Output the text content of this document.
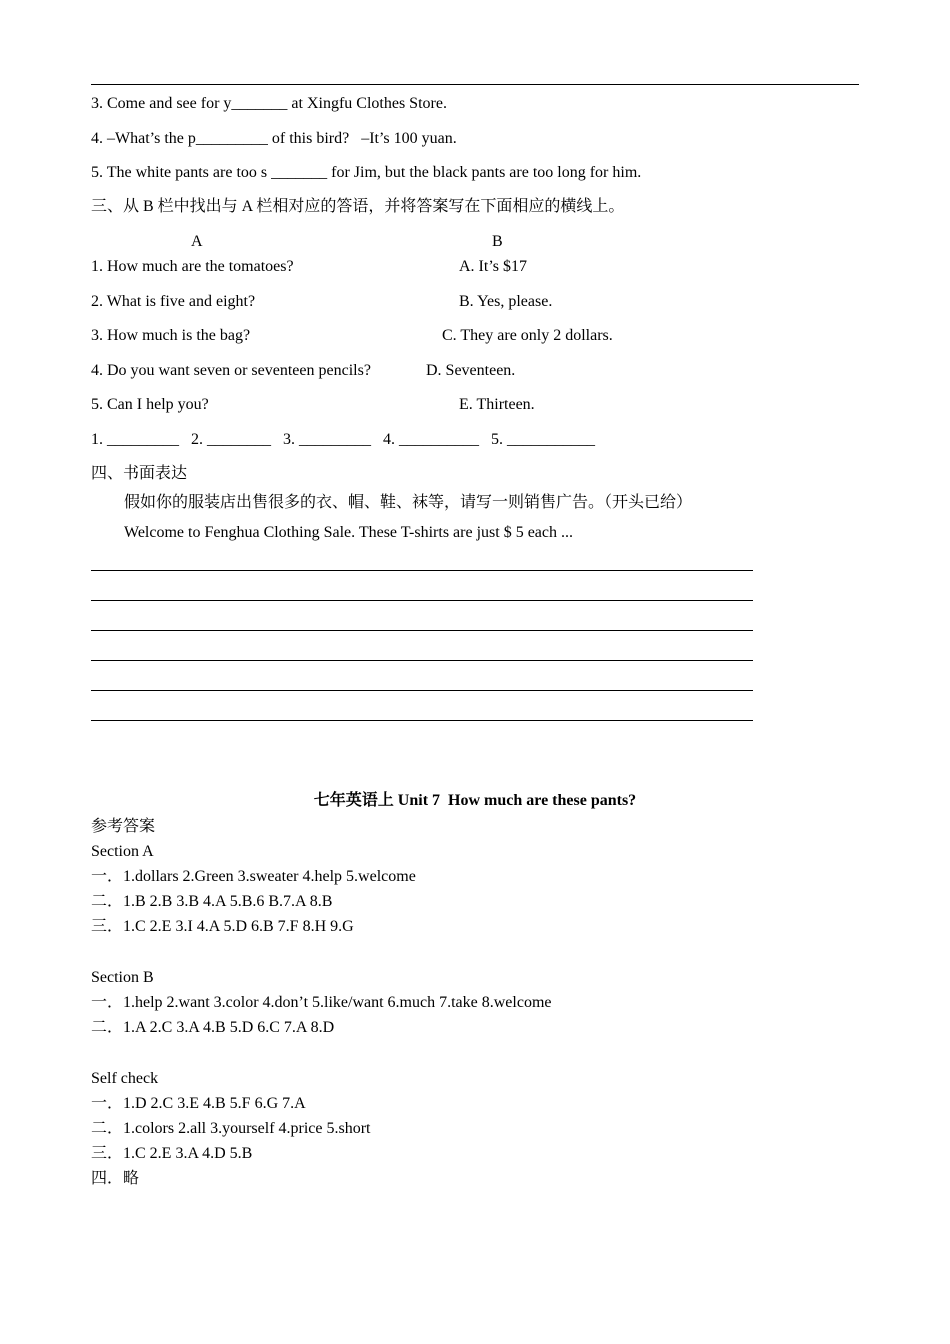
3. Come and see for y_______ at Xingfu Clothes Store.
4. –What’s the p_________ of this bird?   –It’s 100 yuan.
5. The white pants are too s _______ for Jim, but the black pants are too long for him.
三、从 B 栏中找出与 A 栏相对应的答语，并将答案写在下面相应的横线上。
A	B
1. How much are the tomatoes?	A. It’s $17
2. What is five and eight?	B. Yes, please.
3. How much is the bag?	C. They are only 2 dollars.
4. Do you want seven or seventeen pencils?	D. Seventeen.
5. Can I help you?	E. Thirteen.
1. _________   2. ________   3. _________   4. __________   5. ___________
四、书面表达
假如你的服装店出售很多的衣、帽、鞋、袜等，请写一则销售广告。（开头已给）
Welcome to Fenghua Clothing Sale. These T-shirts are just $ 5 each ...
七年英语上 Unit 7  How much are these pants?
参考答案
Section A
一．1.dollars 2.Green 3.sweater 4.help 5.welcome
二．1.B 2.B 3.B 4.A 5.B.6 B.7.A 8.B
三．1.C 2.E 3.I 4.A 5.D 6.B 7.F 8.H 9.G
Section B
一．1.help 2.want 3.color 4.don’t 5.like/want 6.much 7.take 8.welcome
二．1.A 2.C 3.A 4.B 5.D 6.C 7.A 8.D
Self check
一．1.D 2.C 3.E 4.B 5.F 6.G 7.A
二．1.colors 2.all 3.yourself 4.price 5.short
三．1.C 2.E 3.A 4.D 5.B
四．略
